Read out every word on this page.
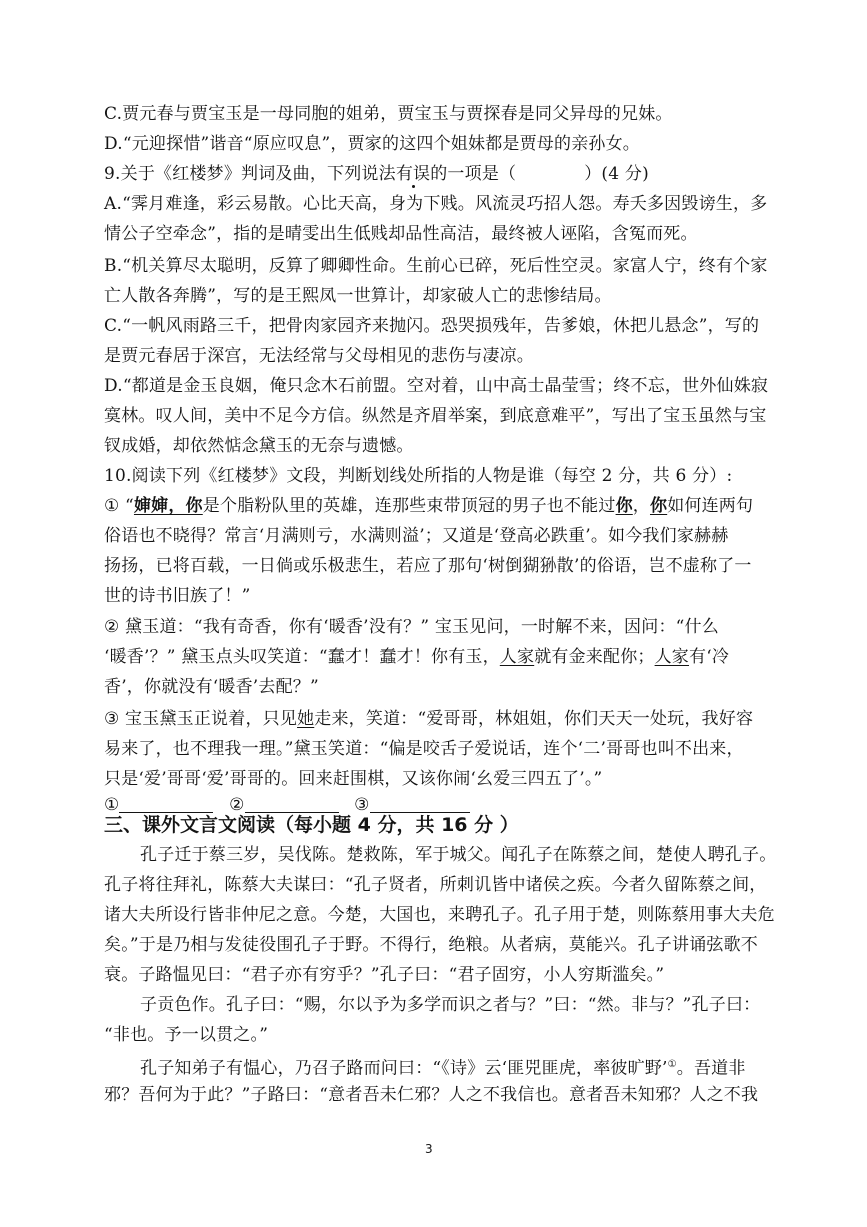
C.贾元春与贾宝玉是一母同胞的姐弟，贾宝玉与贾探春是同父异母的兄妹。
D.“元迎探惜”谐音“原应叹息”，贾家的这四个姐妹都是贾母的亲孙女。
9.关于《红楼梦》判词及曲，下列说法有误的一项是（	）(4 分)
A.“霁月难逢，彩云易散。心比天高，身为下贱。风流灵巧招人怨。寿夭多因毁谤生，多
情公子空牵念”，指的是晴雯出生低贱却品性高洁，最终被人诬陷，含冤而死。
B.“机关算尽太聪明，反算了卿卿性命。生前心已碎，死后性空灵。家富人宁，终有个家
亡人散各奔腾”，写的是王熙凤一世算计，却家破人亡的悲惨结局。
C.“一帆风雨路三千，把骨肉家园齐来抛闪。恐哭损残年，告爹娘，休把儿悬念”，写的
是贾元春居于深宫，无法经常与父母相见的悲伤与凄凉。
D.“都道是金玉良姻，俺只念木石前盟。空对着，山中高士晶莹雪；终不忘，世外仙姝寂
寞林。叹人间，美中不足今方信。纵然是齐眉举案，到底意难平”，写出了宝玉虽然与宝
钗成婚，却依然惦念黛玉的无奈与遗憾。
10.阅读下列《红楼梦》文段，判断划线处所指的人物是谁（每空 2 分，共 6 分）:
① “婶婶，你是个脂粉队里的英雄，连那些束带顶冠的男子也不能过你，你如何连两句
俗语也不晓得？常言‘月满则亏，水满则溢’；又道是‘登高必跌重’。如今我们家赫赫
扬扬，已将百载，一日倘或乐极悲生，若应了那句‘树倒猢狲散’的俗语，岂不虚称了一
世的诗书旧族了！”
② 黛玉道：“我有奇香，你有‘暖香’没有？” 宝玉见问，一时解不来，因问：“什么
‘暖香’？” 黛玉点头叹笑道：“蠢才！蠢才！你有玉，人家就有金来配你；人家有‘冷
香’，你就没有‘暖香’去配？”
③ 宝玉黛玉正说着，只见她走来，笑道：“爱哥哥，林姐姐，你们天天一处玩，我好容
易来了，也不理我一理。”黛玉笑道：“偏是咬舌子爱说话，连个‘二’哥哥也叫不出来，
只是‘爱’哥哥‘爱’哥哥的。回来赶围棋，又该你闹‘幺爱三四五了’。”
①	②	③
三、课外文言文阅读（每小题 4 分，共 16 分 ）
孔子迁于蔡三岁，吴伐陈。楚救陈，军于城父。闻孔子在陈蔡之间，楚使人聘孔子。
孔子将往拜礼，陈蔡大夫谋曰：“孔子贤者，所刺讥皆中诸侯之疾。今者久留陈蔡之间，
诸大夫所设行皆非仲尼之意。今楚，大国也，来聘孔子。孔子用于楚，则陈蔡用事大夫危
矣。”于是乃相与发徒役围孔子于野。不得行，绝粮。从者病，莫能兴。孔子讲诵弦歌不
衰。子路愠见曰：“君子亦有穷乎？”孔子曰：“君子固穷，小人穷斯滥矣。”
子贡色作。孔子曰：“赐，尔以予为多学而识之者与？”曰：“然。非与？”孔子曰：
“非也。予一以贯之。”
孔子知弟子有愠心，乃召子路而问曰：“《诗》云‘匪兕匪虎，率彼旷野’①。吾道非
邪？吾何为于此？”子路曰：“意者吾未仁邪？人之不我信也。意者吾未知邪？人之不我
3
